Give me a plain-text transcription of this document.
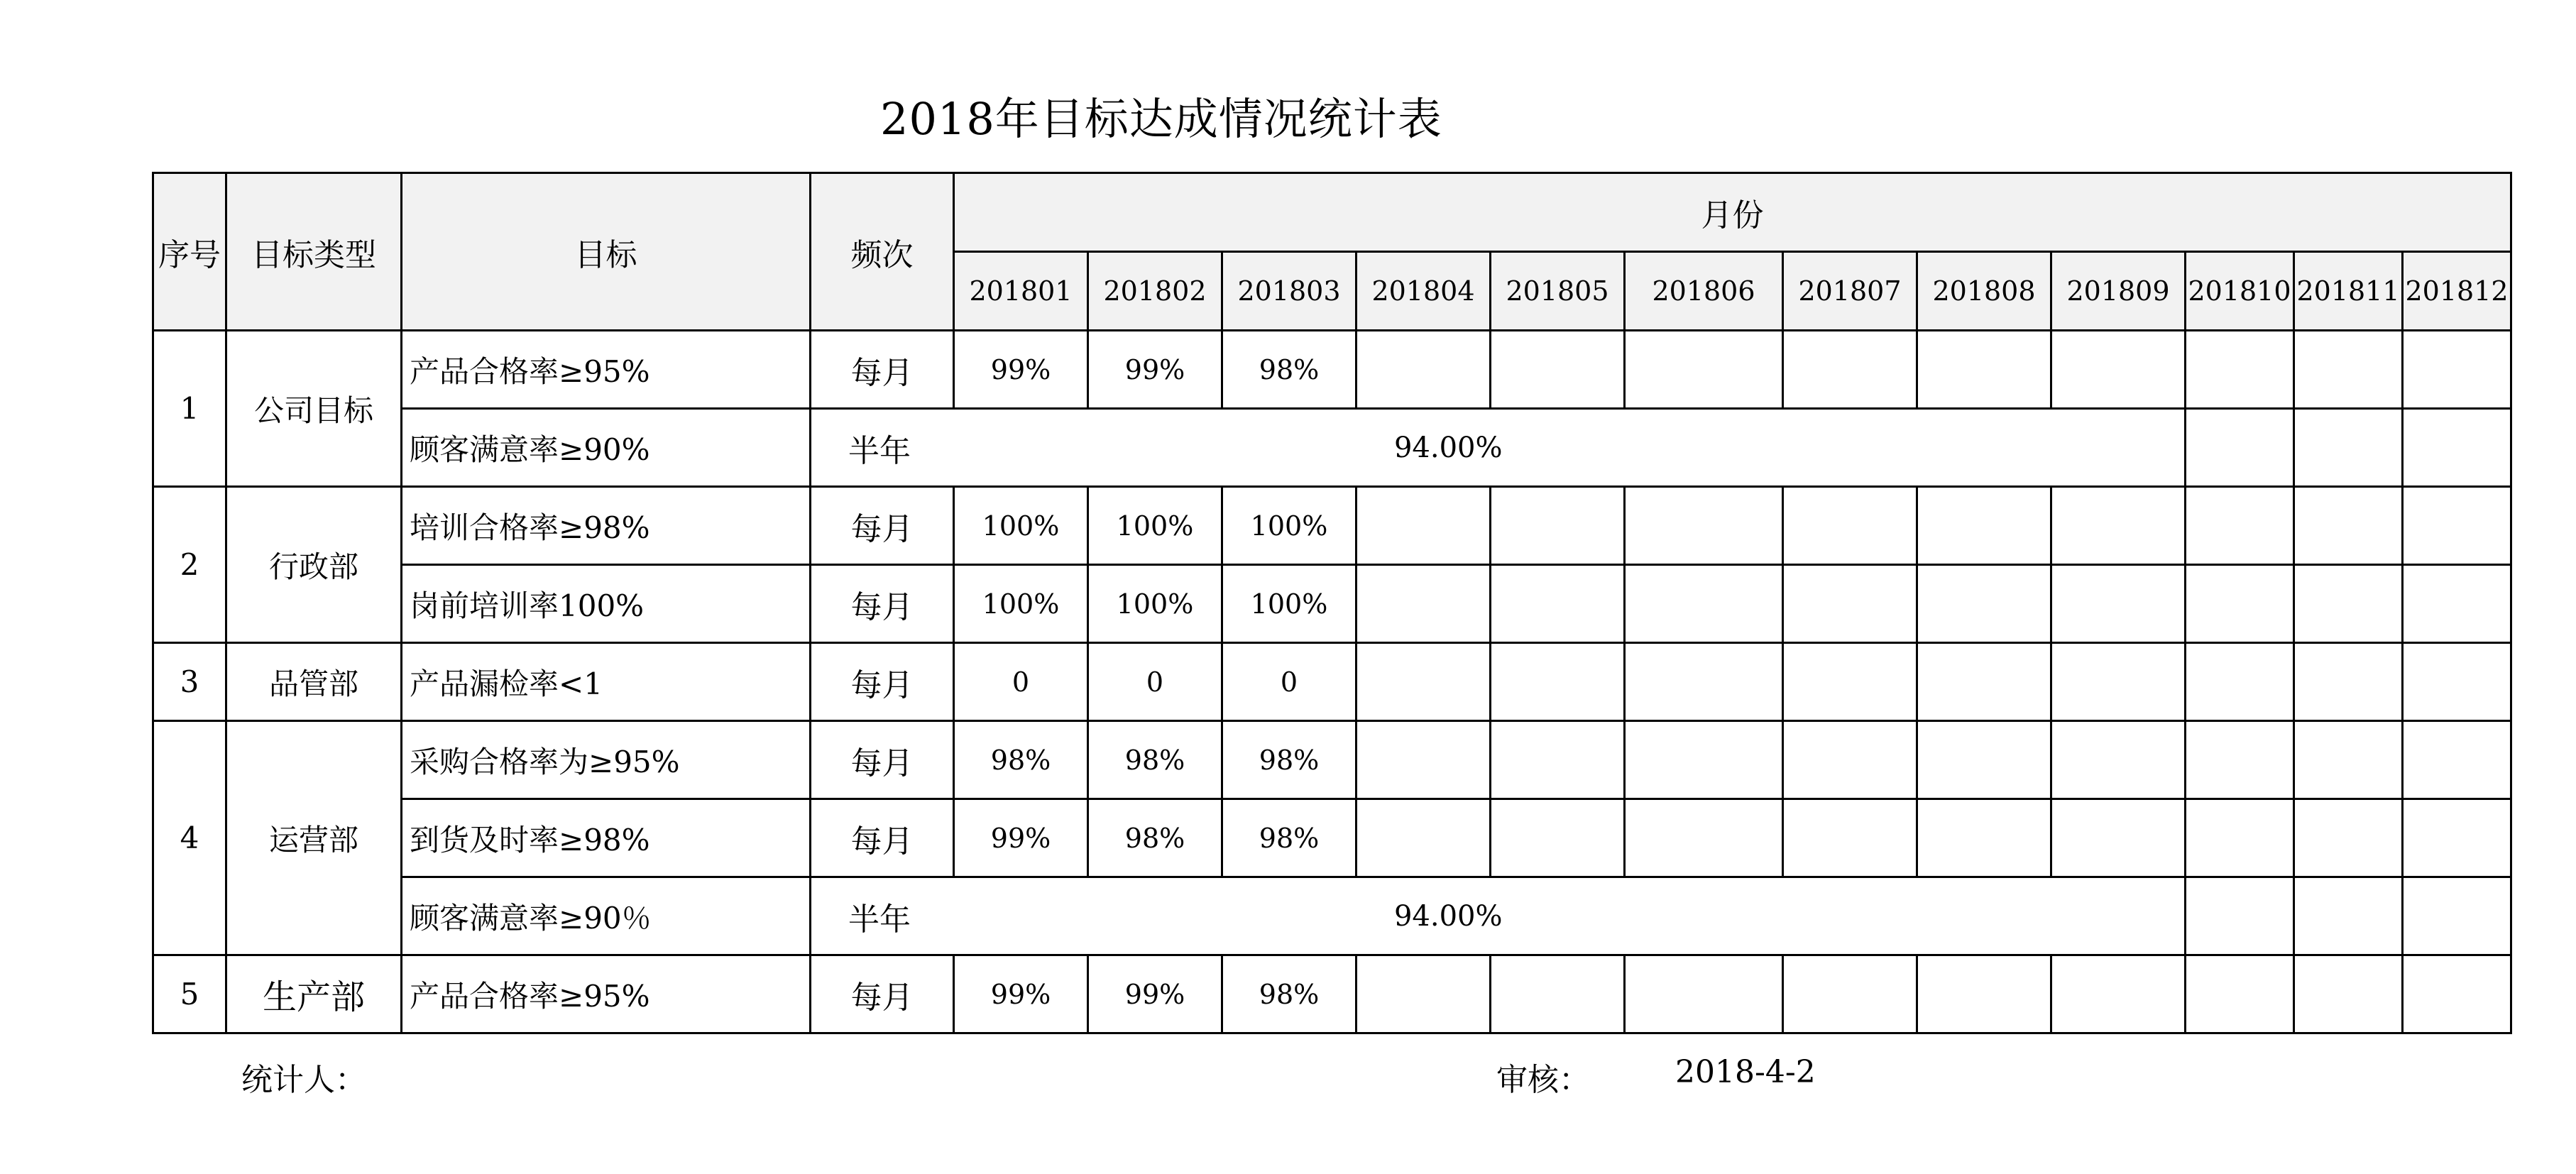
2018年目标达成情况统计表
序号	目标类型	目标	频次	月份											
				201801	201802	201803	201804	201805	201806	201807	201808	201809	201810	201811	201812
1	公司目标	产品合格率≥95%	每月	99%	99%	98%									
		顾客满意率≥90%	半年	94.00%											
2	行政部	培训合格率≥98%	每月	100%	100%	100%									
		岗前培训率100%	每月	100%	100%	100%									
3	品管部	产品漏检率<1	每月	0	0	0									
4	运营部	采购合格率为≥95%	每月	98%	98%	98%									
		到货及时率≥98%	每月	99%	98%	98%									
		顾客满意率≥90％	半年	94.00%											
5	生产部	产品合格率≥95%	每月	99%	99%	98%									
统计人：	审核：	2018-4-2
